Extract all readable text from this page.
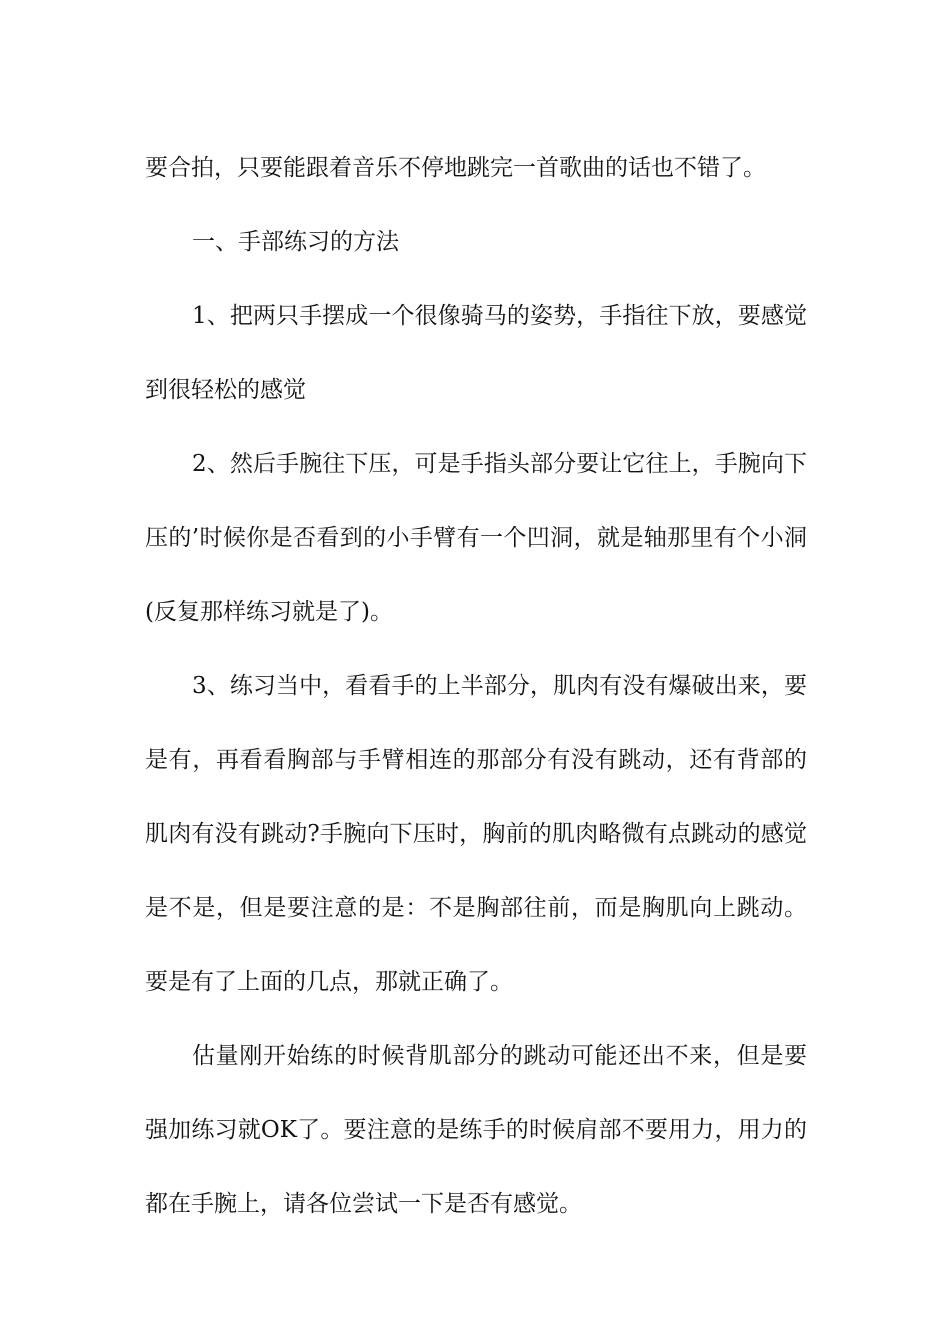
要合拍，只要能跟着音乐不停地跳完一首歌曲的话也不错了。

一、手部练习的方法

1、把两只手摆成一个很像骑马的姿势，手指往下放，要感觉到很轻松的感觉

2、然后手腕往下压，可是手指头部分要让它往上，手腕向下压的’时候你是否看到的小手臂有一个凹洞，就是轴那里有个小洞(反复那样练习就是了)。

3、练习当中，看看手的上半部分，肌肉有没有爆破出来，要是有，再看看胸部与手臂相连的那部分有没有跳动，还有背部的肌肉有没有跳动?手腕向下压时，胸前的肌肉略微有点跳动的感觉是不是，但是要注意的是：不是胸部往前，而是胸肌向上跳动。要是有了上面的几点，那就正确了。

估量刚开始练的时候背肌部分的跳动可能还出不来，但是要强加练习就OK了。要注意的是练手的时候肩部不要用力，用力的都在手腕上，请各位尝试一下是否有感觉。
